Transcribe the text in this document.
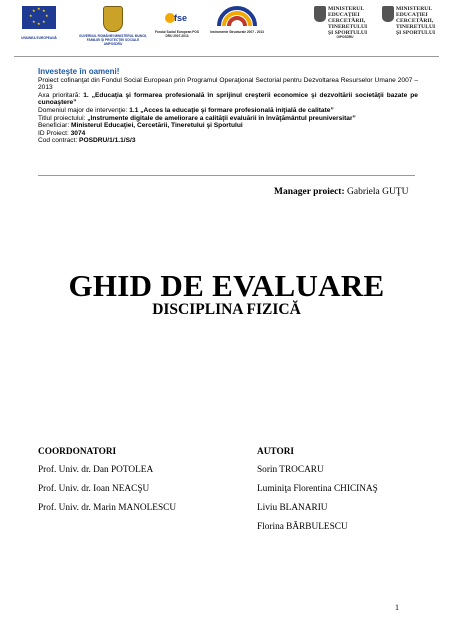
★ ★
★
★
★
★
★
★
UNIUNEA EUROPEANĂ	GUVERNUL ROMÂNIEI MINISTERUL MUNCII, FAMILIEI ŞI PROTECŢIEI SOCIALE AMPOSDRU
fse
Fondul Social European POS DRU 2007-2013
Instrumente Structurale 2007 - 2013
MINISTERUL
EDUCAŢIEI
CERCETĂRII,
TINERETULUI
ŞI SPORTULUI
OIPOSDRU
MINISTERUL
EDUCAŢIEI
CERCETĂRII,
TINERETULUI
ŞI SPORTULUI
Investeşte în oameni!
Proiect cofinanţat din Fondul Social European prin Programul Operaţional Sectorial pentru Dezvoltarea Resurselor Umane 2007 – 2013
Axa prioritară: 1. „Educaţia şi formarea profesională în sprijinul creşterii economice şi dezvoltării societăţii bazate pe cunoaştere”
Domeniul major de intervenţie: 1.1 „Acces la educaţie şi formare profesională iniţială de calitate”
Titlul proiectului: „Instrumente digitale de ameliorare a calităţii evaluării în învăţământul preuniversitar”
Beneficiar: Ministerul Educaţiei, Cercetării, Tineretului şi Sportului
ID Proiect: 3074
Cod contract: POSDRU/1/1.1/S/3
Manager proiect: Gabriela GUŢU
GHID DE EVALUARE
DISCIPLINA FIZICĂ
COORDONATORI
Prof. Univ. dr. Dan POTOLEA
Prof. Univ. dr. Ioan NEACŞU
Prof. Univ. dr. Marin MANOLESCU
AUTORI
Sorin TROCARU
Luminiţa Florentina CHICINAŞ
Liviu BLANARIU
Florina BĂRBULESCU
1
